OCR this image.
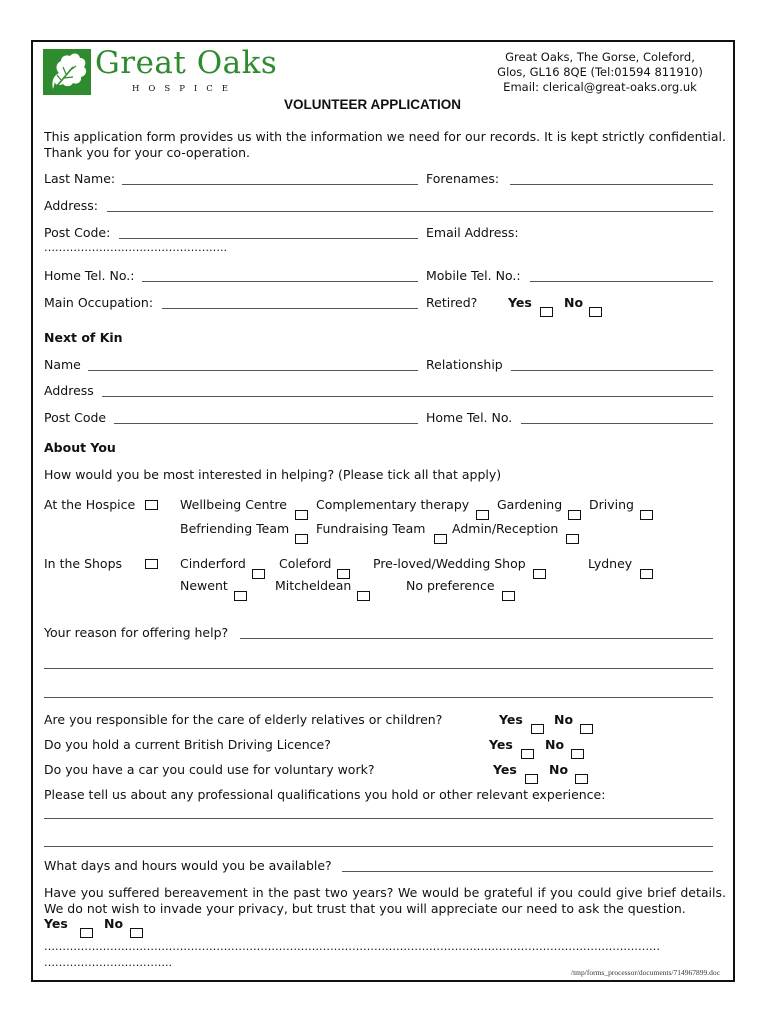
Great Oaks
HOSPICE
Great Oaks, The Gorse, Coleford,
Glos, GL16 8QE (Tel:01594 811910)
Email: clerical@great-oaks.org.uk
VOLUNTEER APPLICATION
This application form provides us with the information we need for our records. It is kept strictly confidential. Thank you for your co-operation.
Last Name:	Forenames:
Address:
Post Code:	Email Address:
…………………………………………..
Home Tel. No.:	Mobile Tel. No.:
Main Occupation:	Retired? Yes	No
Next of Kin
Name	Relationship
Address
Post Code	Home Tel. No.
About You
How would you be most interested in helping? (Please tick all that apply)
At the Hospice	Wellbeing Centre Complementary therapy Gardening Driving
Befriending Team Fundraising Team Admin/Reception
In the Shops	Cinderford	Coleford	Pre-loved/Wedding Shop	Lydney
Newent	Mitcheldean	No preference
Your reason for offering help?
Are you responsible for the care of elderly relatives or children?	Yes No
Do you hold a current British Driving Licence?	Yes	No
Do you have a car you could use for voluntary work?	Yes	No
Please tell us about any professional qualifications you hold or other relevant experience:
What days and hours would you be available?
Have you suffered bereavement in the past two years? We would be grateful if you could give brief details. We do not wish to invade your privacy, but trust that you will appreciate our need to ask the question.
Yes	No
……………………………………………………………………………………………………………………………………………………
……………………………..
/tmp/forms_processor/documents/714967899.doc
